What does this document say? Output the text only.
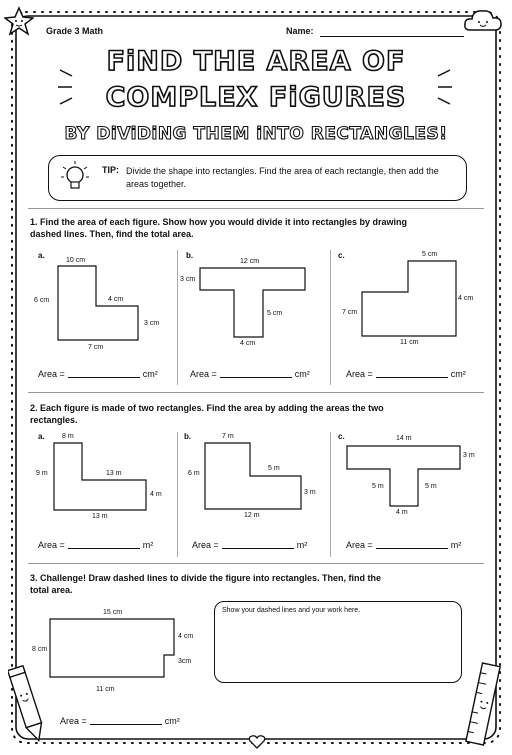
Grade 3 Math	Name:
FiND THE AREA OF
COMPLEX FiGURES
BY DiViDiNG THEM iNTO RECTANGLES!
TIP: Divide the shape into rectangles. Find the area of each rectangle, then add the areas together.
1. Find the area of each figure. Show how you would divide it into rectangles by drawing dashed lines. Then, find the total area.
a.
10 cm
6 cm	4 cm
3 cm
7 cm
Area =	cm²
b.
12 cm
3 cm
5 cm
4 cm
Area =	cm²
c.	5 cm
4 cm
7 cm
11 cm
Area =	cm²
2. Each figure is made of two rectangles. Find the area by adding the areas the two rectangles.
a. 8 m
9 m	13 m
4 m
13 m
Area =	m²
b.	7 m
6 m
5 m
3 m
12 m
Area =	m²
c.	14 m
3 m
5 m	5 m
4 m
Area =	m²
3. Challenge! Draw dashed lines to divide the figure into rectangles. Then, find the total area.
15 cm
8 cm
4 cm
3cm
11 cm
Area =	cm²
Show your dashed lines and your work here.
